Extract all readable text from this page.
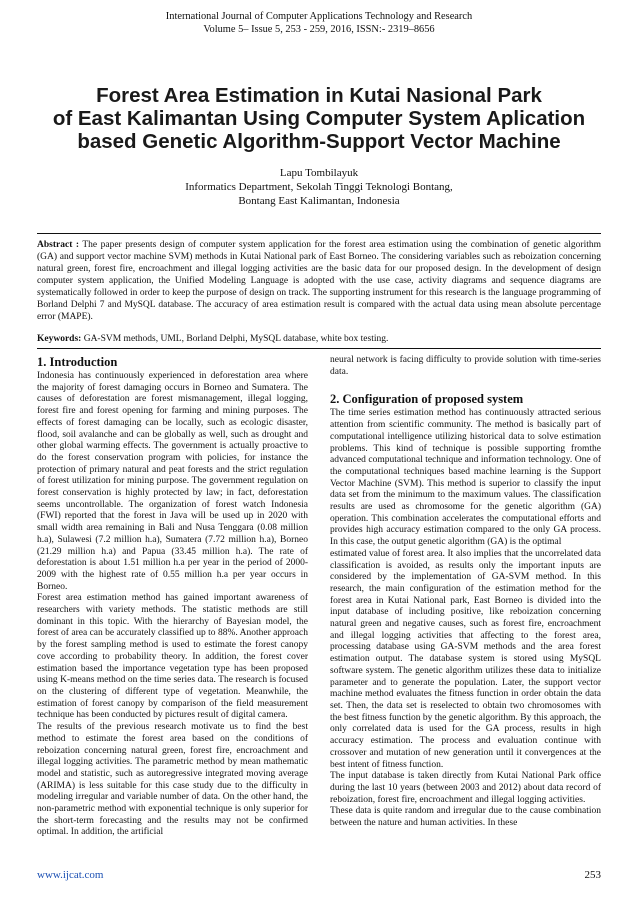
International Journal of Computer Applications Technology and Research
Volume 5– Issue 5, 253 - 259, 2016, ISSN:- 2319–8656
Forest Area Estimation in Kutai Nasional Park
of East Kalimantan Using Computer System Aplication
based Genetic Algorithm-Support Vector Machine
Lapu Tombilayuk
Informatics Department, Sekolah Tinggi Teknologi Bontang,
Bontang East Kalimantan, Indonesia
Abstract : The paper presents design of computer system application for the forest area estimation using the combination of genetic algorithm (GA) and support vector machine SVM) methods in Kutai National park of East Borneo. The considering variables such as reboization concerning natural green, forest fire, encroachment and illegal logging activities are the basic data for our proposed design. In the development of design computer system application, the Unified Modeling Language is adopted with the use case, activity diagrams and sequence diagrams are systematically followed in order to keep the purpose of design on track. The supporting instrument for this research is the language programming of Borland Delphi 7 and MySQL database. The accuracy of area estimation result is compared with the actual data using mean absolute percentage error (MAPE).
Keywords: GA-SVM methods, UML, Borland Delphi, MySQL database, white box testing.
1. Introduction

Indonesia has continuously experienced in deforestation area where the majority of forest damaging occurs in Borneo and Sumatera. The causes of deforestation are forest mismanagement, illegal logging, forest fire and forest opening for farming and mining purposes. The effects of forest damaging can be locally, such as ecologic disaster, flood, soil avalanche and can be globally as well, such as drought and other global warming effects. The government is actually proactive to do the forest conservation program with policies, for instance the protection of primary natural and peat forests and the strict regulation of forest utilization for mining purpose. The government regulation on forest conservation is highly protected by law; in fact, deforestation seems uncontrollable. The organization of forest watch Indonesia (FWI) reported that the forest in Java will be used up in 2020 with small width area remaining in Bali and Nusa Tenggara (0.08 million h.a), Sulawesi (7.2 million h.a), Sumatera (7.72 million h.a), Borneo (21.29 million h.a) and Papua (33.45 million h.a). The rate of deforestation is about 1.51 million h.a per year in the period of 2000-2009 with the highest rate of 0.55 million h.a per year occurs in Borneo.

Forest area estimation method has gained important awareness of researchers with variety methods. The statistic methods are still dominant in this topic. With the hierarchy of Bayesian model, the forest of area can be accurately classified up to 88%. Another approach by the forest sampling method is used to estimate the forest canopy cove according to probability theory. In addition, the forest cover estimation based the importance vegetation type has been proposed using K-means method on the time series data. The research is focused on the clustering of different type of vegetation. Meanwhile, the estimation of forest canopy by comparison of the field measurement technique has been conducted by pictures result of digital camera.

The results of the previous research motivate us to find the best method to estimate the forest area based on the conditions of reboization concerning natural green, forest fire, encroachment and illegal logging activities. The parametric method by mean mathematic model and statistic, such as autoregressive integrated moving average (ARIMA) is less suitable for this case study due to the difficulty in modeling irregular and variable number of data. On the other hand, the non-parametric method with exponential technique is only superior for the short-term forecasting and the results may not be confirmed optimal. In addition, the artificial

neural network is facing difficulty to provide solution with time-series data.

2. Configuration of proposed system

The time series estimation method has continuously attracted serious attention from scientific community. The method is basically part of computational intelligence utilizing historical data to solve estimation problems. This kind of technique is possible supporting fromthe advanced computational technique and information technology. One of the computational techniques based machine learning is the Support Vector Machine (SVM). This method is superior to classify the input data set from the minimum to the maximum values. The classification results are used as chromosome for the genetic algorithm (GA) operation. This combination accelerates the computational efforts and provides high accuracy estimation compared to the only GA process. In this case, the output genetic algorithm (GA) is the optimal

estimated value of forest area. It also implies that the uncorrelated data classification is avoided, as results only the important inputs are considered by the implementation of GA-SVM method. In this research, the main configuration of the estimation method for the forest area in Kutai National park, East Borneo is divided into the input database of including positive, like reboization concerning natural green and negative causes, such as forest fire, encroachment and illegal logging activities that affecting to the forest area, processing database using GA-SVM methods and the area forest estimation output. The database system is stored using MySQL software system. The genetic algorithm utilizes these data to initialize parameter and to generate the population. Later, the support vector machine method evaluates the fitness function in order obtain the data set. Then, the data set is reselected to obtain two chromosomes with the best fitness function by the genetic algorithm. By this approach, the only correlated data is used for the GA process, results in high accuracy estimation. The process and evaluation continue with crossover and mutation of new generation until it convergences at the best intent of fitness function.

The input database is taken directly from Kutai National Park office during the last 10 years (between 2003 and 2012) about data record of reboization, forest fire, encroachment and illegal logging activities.

These data is quite random and irregular due to the cause combination between the nature and human activities. In these

www.ijcat.com	253
